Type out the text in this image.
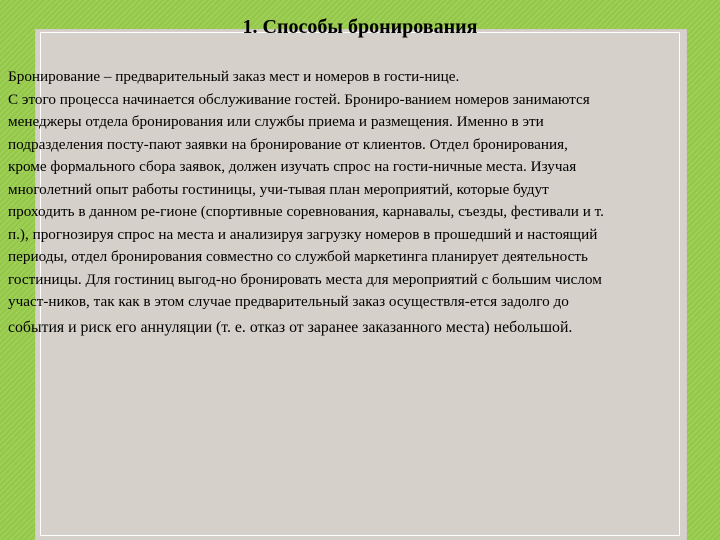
1. Способы бронирования

Бронирование – предварительный заказ мест и номеров в гости-нице.
С этого процесса начинается обслуживание гостей. Брониро-ванием номеров занимаются
менеджеры отдела бронирования или службы приема и размещения. Именно в эти
подразделения посту-пают заявки на бронирование от клиентов. Отдел бронирования,
кроме формального сбора заявок, должен изучать спрос на гости-ничные места. Изучая
многолетний опыт работы гостиницы, учи-тывая план мероприятий, которые будут
проходить в данном ре-гионе (спортивные соревнования, карнавалы, съезды, фестивали и т.
п.), прогнозируя спрос на места и анализируя загрузку номеров в прошедший и настоящий
периоды, отдел бронирования совместно со службой маркетинга планирует деятельность
гостиницы. Для гостиниц выгод-но бронировать места для мероприятий с большим числом
участ-ников, так как в этом случае предварительный заказ осуществля-ется задолго до
события и риск его аннуляции (т. е. отказ от заранее заказанного места) небольшой.
